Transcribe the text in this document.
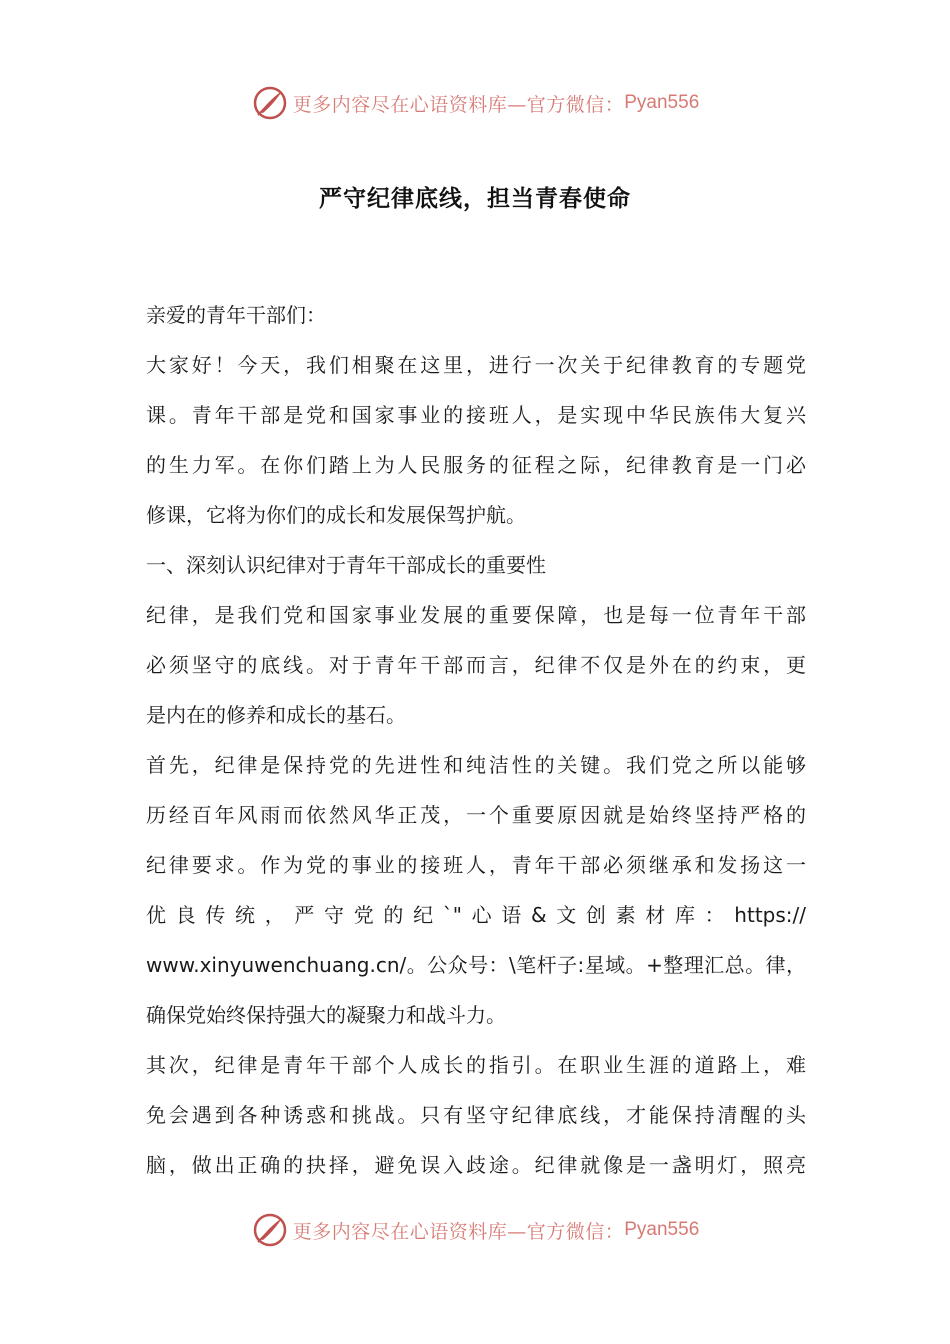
更多内容尽在心语资料库—官方微信： Pyan556
严守纪律底线，担当青春使命
亲爱的青年干部们：
大家好！今天，我们相聚在这里，进行一次关于纪律教育的专题党
课。青年干部是党和国家事业的接班人，是实现中华民族伟大复兴
的生力军。在你们踏上为人民服务的征程之际，纪律教育是一门必
修课，它将为你们的成长和发展保驾护航。
一、深刻认识纪律对于青年干部成长的重要性
纪律，是我们党和国家事业发展的重要保障，也是每一位青年干部
必须坚守的底线。对于青年干部而言，纪律不仅是外在的约束，更
是内在的修养和成长的基石。
首先，纪律是保持党的先进性和纯洁性的关键。我们党之所以能够
历经百年风雨而依然风华正茂，一个重要原因就是始终坚持严格的
纪律要求。作为党的事业的接班人，青年干部必须继承和发扬这一
优良传统，严守党的纪`"心语&文创素材库：https://
www.xinyuwenchuang.cn/。公众号：\笔杆子:星域。+整理汇总。律，
确保党始终保持强大的凝聚力和战斗力。
其次，纪律是青年干部个人成长的指引。在职业生涯的道路上，难
免会遇到各种诱惑和挑战。只有坚守纪律底线，才能保持清醒的头
脑，做出正确的抉择，避免误入歧途。纪律就像是一盏明灯，照亮
更多内容尽在心语资料库—官方微信： Pyan556
